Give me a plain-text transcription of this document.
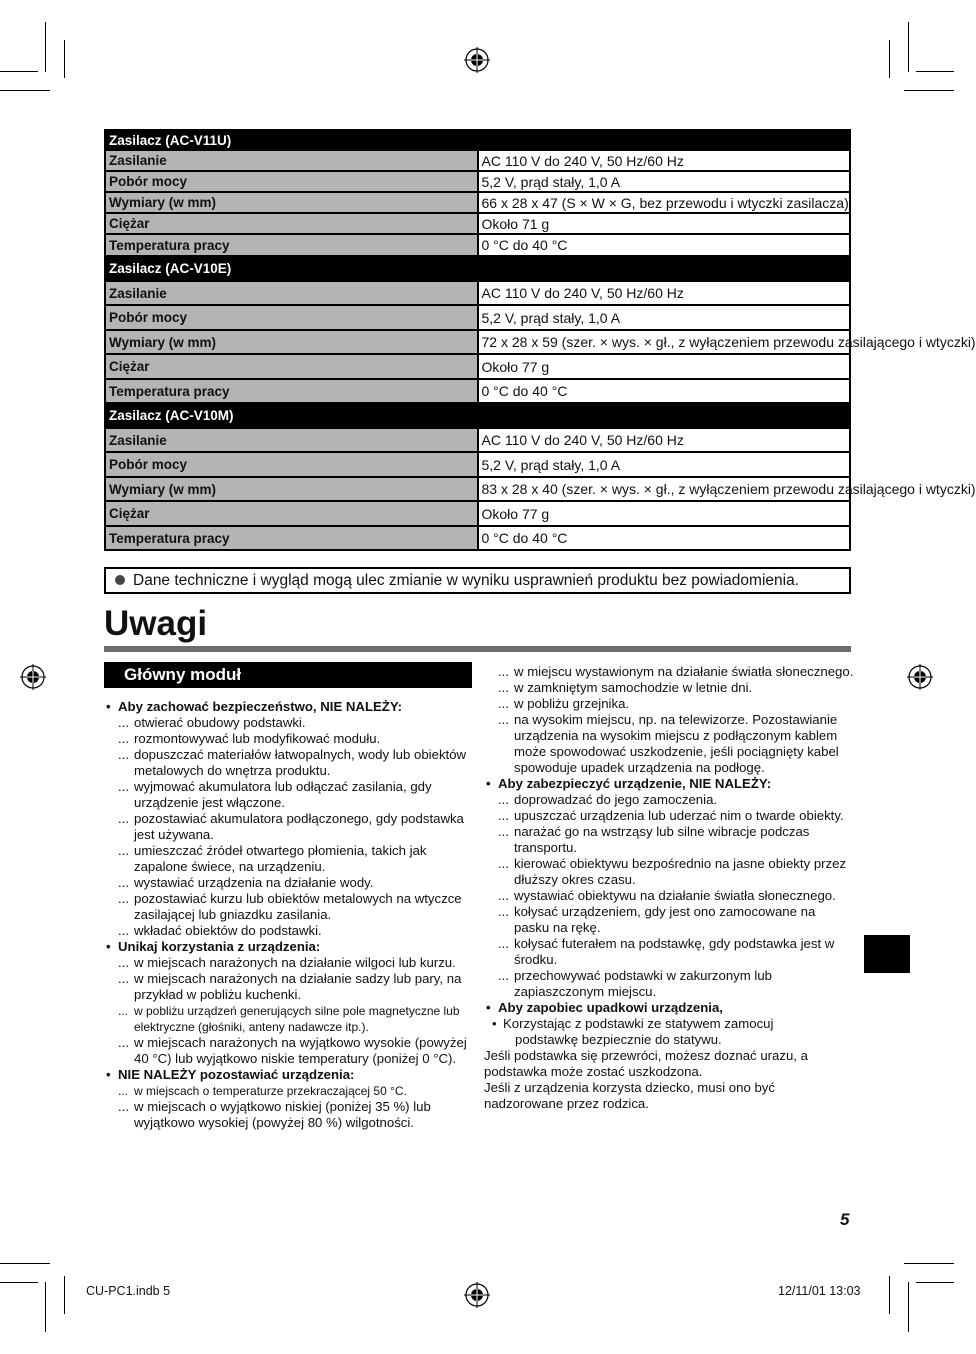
Zasilacz (AC-V11U)	
Zasilanie	AC 110 V do 240 V, 50 Hz/60 Hz
Pobór mocy	5,2 V, prąd stały, 1,0 A
Wymiary (w mm)	66 x 28 x 47 (S × W × G, bez przewodu i wtyczki zasilacza)
Ciężar	Około 71 g
Temperatura pracy	0 °C do 40 °C
Zasilacz (AC-V10E)	
Zasilanie	AC 110 V do 240 V, 50 Hz/60 Hz
Pobór mocy	5,2 V, prąd stały, 1,0 A
Wymiary (w mm)	72 x 28 x 59 (szer. × wys. × gł., z wyłączeniem przewodu zasilającego i wtyczki)
Ciężar	Około 77 g
Temperatura pracy	0 °C do 40 °C
Zasilacz (AC-V10M)	
Zasilanie	AC 110 V do 240 V, 50 Hz/60 Hz
Pobór mocy	5,2 V, prąd stały, 1,0 A
Wymiary (w mm)	83 x 28 x 40 (szer. × wys. × gł., z wyłączeniem przewodu zasilającego i wtyczki)
Ciężar	Około 77 g
Temperatura pracy	0 °C do 40 °C
Dane techniczne i wygląd mogą ulec zmianie w wyniku usprawnień produktu bez powiadomienia.
Uwagi
Główny moduł
• Aby zachować bezpieczeństwo, NIE NALEŻY:
... otwierać obudowy podstawki.
... rozmontowywać lub modyfikować modułu.
... dopuszczać materiałów łatwopalnych, wody lub obiektów metalowych do wnętrza produktu.
... wyjmować akumulatora lub odłączać zasilania, gdy urządzenie jest włączone.
... pozostawiać akumulatora podłączonego, gdy podstawka jest używana.
... umieszczać źródeł otwartego płomienia, takich jak zapalone świece, na urządzeniu.
... wystawiać urządzenia na działanie wody.
... pozostawiać kurzu lub obiektów metalowych na wtyczce zasilającej lub gniazdku zasilania.
... wkładać obiektów do podstawki.
• Unikaj korzystania z urządzenia:
... w miejscach narażonych na działanie wilgoci lub kurzu.
... w miejscach narażonych na działanie sadzy lub pary, na przykład w pobliżu kuchenki.
... w pobliżu urządzeń generujących silne pole magnetyczne lub elektryczne (głośniki, anteny nadawcze itp.).
... w miejscach narażonych na wyjątkowo wysokie (powyżej 40 °C) lub wyjątkowo niskie temperatury (poniżej 0 °C).
• NIE NALEŻY pozostawiać urządzenia:
... w miejscach o temperaturze przekraczającej 50 °C.
... w miejscach o wyjątkowo niskiej (poniżej 35 %) lub wyjątkowo wysokiej (powyżej 80 %) wilgotności.
... w miejscu wystawionym na działanie światła słonecznego.
... w zamkniętym samochodzie w letnie dni.
... w pobliżu grzejnika.
... na wysokim miejscu, np. na telewizorze. Pozostawianie urządzenia na wysokim miejscu z podłączonym kablem może spowodować uszkodzenie, jeśli pociągnięty kabel spowoduje upadek urządzenia na podłogę.
• Aby zabezpieczyć urządzenie, NIE NALEŻY:
... doprowadzać do jego zamoczenia.
... upuszczać urządzenia lub uderzać nim o twarde obiekty.
... narażać go na wstrząsy lub silne wibracje podczas transportu.
... kierować obiektywu bezpośrednio na jasne obiekty przez dłuższy okres czasu.
... wystawiać obiektywu na działanie światła słonecznego.
... kołysać urządzeniem, gdy jest ono zamocowane na pasku na rękę.
... kołysać futerałem na podstawkę, gdy podstawka jest w środku.
... przechowywać podstawki w zakurzonym lub zapiaszczonym miejscu.
• Aby zapobiec upadkowi urządzenia,
• Korzystając z podstawki ze statywem zamocuj
podstawkę bezpiecznie do statywu.

Jeśli podstawka się przewróci, możesz doznać urazu, a podstawka może zostać uszkodzona.

Jeśli z urządzenia korzysta dziecko, musi ono być nadzorowane przez rodzica.

5
CU-PC1.indb 5	12/11/01 13:03
